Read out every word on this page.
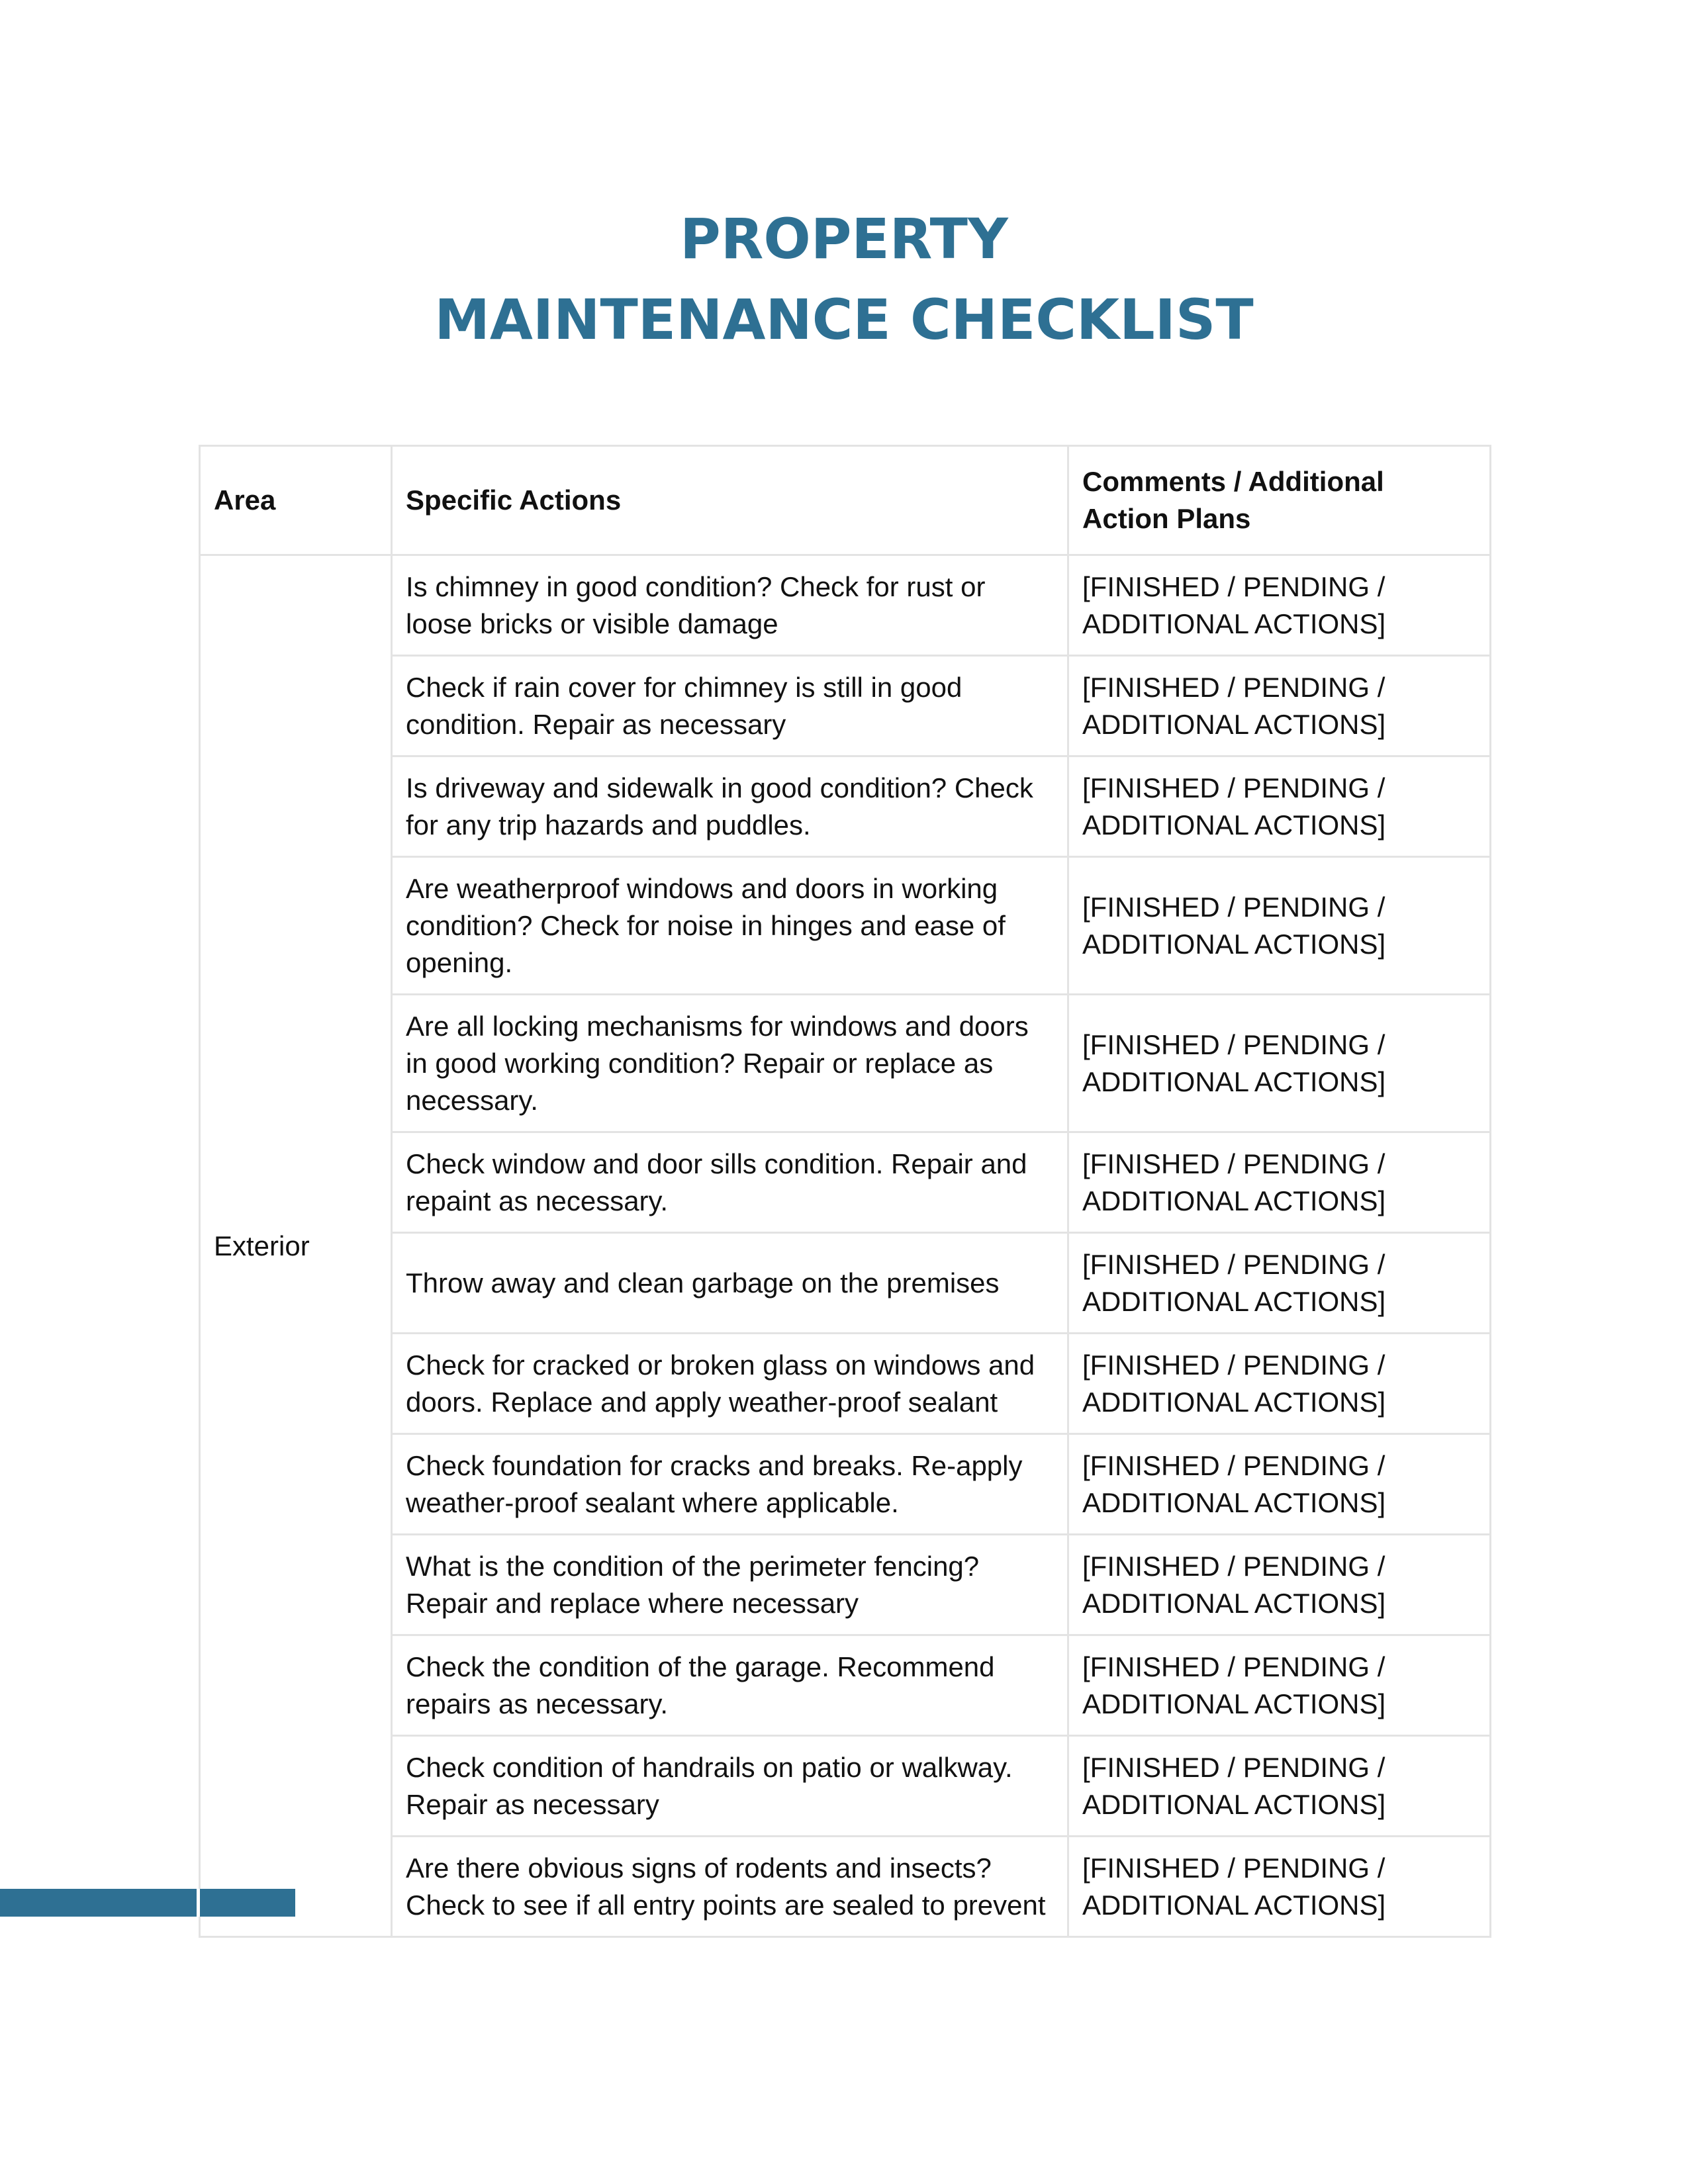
PROPERTY
MAINTENANCE CHECKLIST
Area	Specific Actions	Comments / Additional Action Plans
Exterior	Is chimney in good condition? Check for rust or loose bricks or visible damage	[FINISHED / PENDING / ADDITIONAL ACTIONS]
	Check if rain cover for chimney is still in good condition. Repair as necessary	[FINISHED / PENDING / ADDITIONAL ACTIONS]
	Is driveway and sidewalk in good condition? Check for any trip hazards and puddles.	[FINISHED / PENDING / ADDITIONAL ACTIONS]
	Are weatherproof windows and doors in working condition? Check for noise in hinges and ease of opening.	[FINISHED / PENDING / ADDITIONAL ACTIONS]
	Are all locking mechanisms for windows and doors in good working condition? Repair or replace as necessary.	[FINISHED / PENDING / ADDITIONAL ACTIONS]
	Check window and door sills condition. Repair and repaint as necessary.	[FINISHED / PENDING / ADDITIONAL ACTIONS]
	Throw away and clean garbage on the premises	[FINISHED / PENDING / ADDITIONAL ACTIONS]
	Check for cracked or broken glass on windows and doors. Replace and apply weather-proof sealant	[FINISHED / PENDING / ADDITIONAL ACTIONS]
	Check foundation for cracks and breaks. Re-apply weather-proof sealant where applicable.	[FINISHED / PENDING / ADDITIONAL ACTIONS]
	What is the condition of the perimeter fencing? Repair and replace where necessary	[FINISHED / PENDING / ADDITIONAL ACTIONS]
	Check the condition of the garage. Recommend repairs as necessary.	[FINISHED / PENDING / ADDITIONAL ACTIONS]
	Check condition of handrails on patio or walkway. Repair as necessary	[FINISHED / PENDING / ADDITIONAL ACTIONS]
	Are there obvious signs of rodents and insects? Check to see if all entry points are sealed to prevent	[FINISHED / PENDING / ADDITIONAL ACTIONS]
